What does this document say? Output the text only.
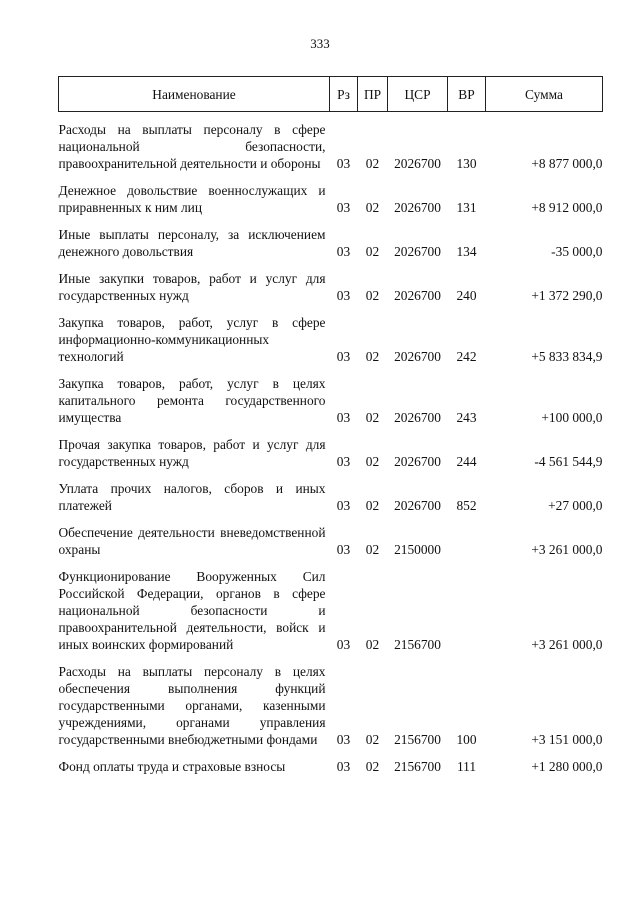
333
Наименование	Рз	ПР	ЦСР	ВР	Сумма
Расходы на выплаты персоналу в сфере национальной безопасности, правоохранительной деятельности и обороны	03	02	2026700	130	+8 877 000,0
Денежное довольствие военнослужащих и приравненных к ним лиц	03	02	2026700	131	+8 912 000,0
Иные выплаты персоналу, за исключением денежного довольствия	03	02	2026700	134	-35 000,0
Иные закупки товаров, работ и услуг для государственных нужд	03	02	2026700	240	+1 372 290,0
Закупка товаров, работ, услуг в сфере информационно-коммуникационных технологий	03	02	2026700	242	+5 833 834,9
Закупка товаров, работ, услуг в целях капитального ремонта государственного имущества	03	02	2026700	243	+100 000,0
Прочая закупка товаров, работ и услуг для государственных нужд	03	02	2026700	244	-4 561 544,9
Уплата прочих налогов, сборов и иных платежей	03	02	2026700	852	+27 000,0
Обеспечение деятельности вневедомственной охраны	03	02	2150000		+3 261 000,0
Функционирование Вооруженных Сил Российской Федерации, органов в сфере национальной безопасности и правоохранительной деятельности, войск и иных воинских формирований	03	02	2156700		+3 261 000,0
Расходы на выплаты персоналу в целях обеспечения выполнения функций государственными органами, казенными учреждениями, органами управления государственными внебюджетными фондами	03	02	2156700	100	+3 151 000,0
Фонд оплаты труда и страховые взносы	03	02	2156700	111	+1 280 000,0
